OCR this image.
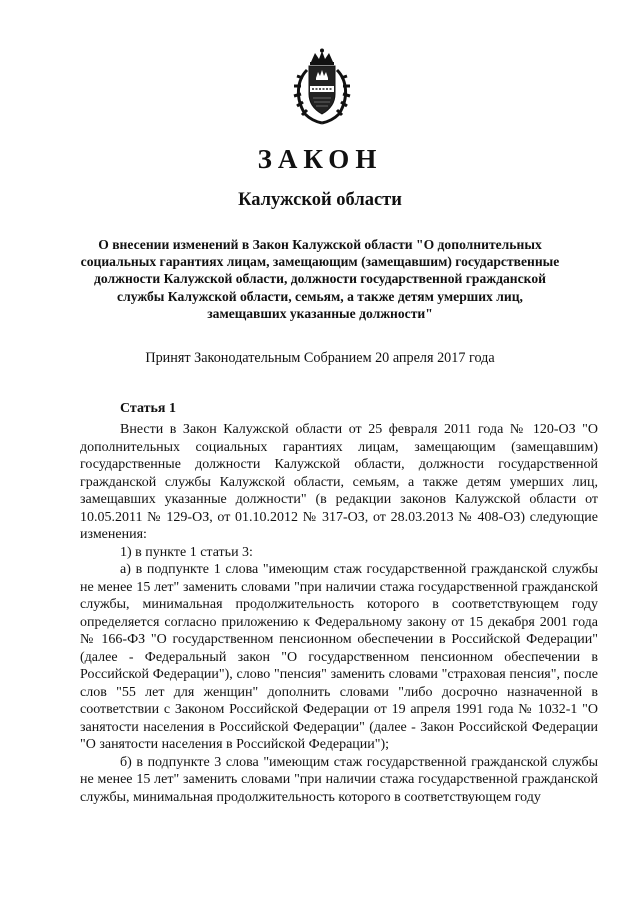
ЗАКОН
Калужской области
О внесении изменений в Закон Калужской области "О дополнительных социальных гарантиях лицам, замещающим (замещавшим) государственные должности Калужской области, должности государственной гражданской службы Калужской области, семьям, а также детям умерших лиц, замещавших указанные должности"
Принят Законодательным Собранием 20 апреля 2017 года
Статья 1

Внести в Закон Калужской области от 25 февраля 2011 года № 120-ОЗ "О дополнительных социальных гарантиях лицам, замещающим (замещавшим) государственные должности Калужской области, должности государственной гражданской службы Калужской области, семьям, а также детям умерших лиц, замещавших указанные должности" (в редакции законов Калужской области от 10.05.2011 № 129-ОЗ, от 01.10.2012 № 317-ОЗ, от 28.03.2013 № 408-ОЗ) следующие изменения:

1) в пункте 1 статьи 3:

а) в подпункте 1 слова "имеющим стаж государственной гражданской службы не менее 15 лет" заменить словами "при наличии стажа государственной гражданской службы, минимальная продолжительность которого в соответствующем году определяется согласно приложению к Федеральному закону от 15 декабря 2001 года № 166-ФЗ "О государственном пенсионном обеспечении в Российской Федерации" (далее - Федеральный закон "О государственном пенсионном обеспечении в Российской Федерации"), слово "пенсия" заменить словами "страховая пенсия", после слов "55 лет для женщин" дополнить словами "либо досрочно назначенной в соответствии с Законом Российской Федерации от 19 апреля 1991 года № 1032-1 "О занятости населения в Российской Федерации" (далее - Закон Российской Федерации "О занятости населения в Российской Федерации");

б) в подпункте 3 слова "имеющим стаж государственной гражданской службы не менее 15 лет" заменить словами "при наличии стажа государственной гражданской службы, минимальная продолжительность которого в соответствующем году
